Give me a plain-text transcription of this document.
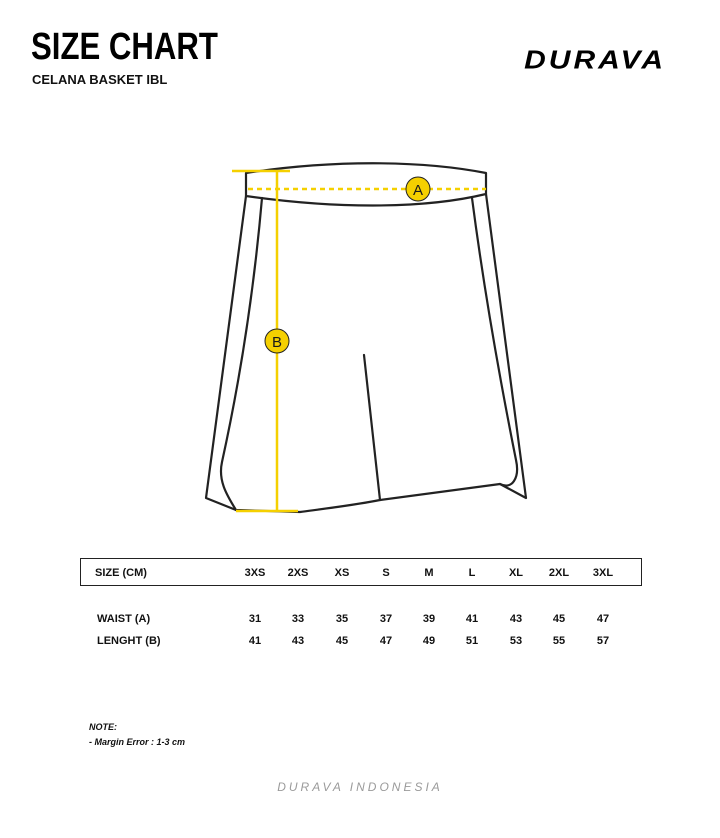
SIZE CHART
CELANA BASKET IBL
DURAVA
A
B
SIZE (CM)	3XS 2XS XS	S	M	L	XL 2XL 3XL
WAIST (A)	31	33	35	37	39	41	43	45	47
LENGHT (B)	41	43	45	47	49	51	53	55	57
NOTE:
- Margin Error : 1-3 cm
DURAVA INDONESIA
